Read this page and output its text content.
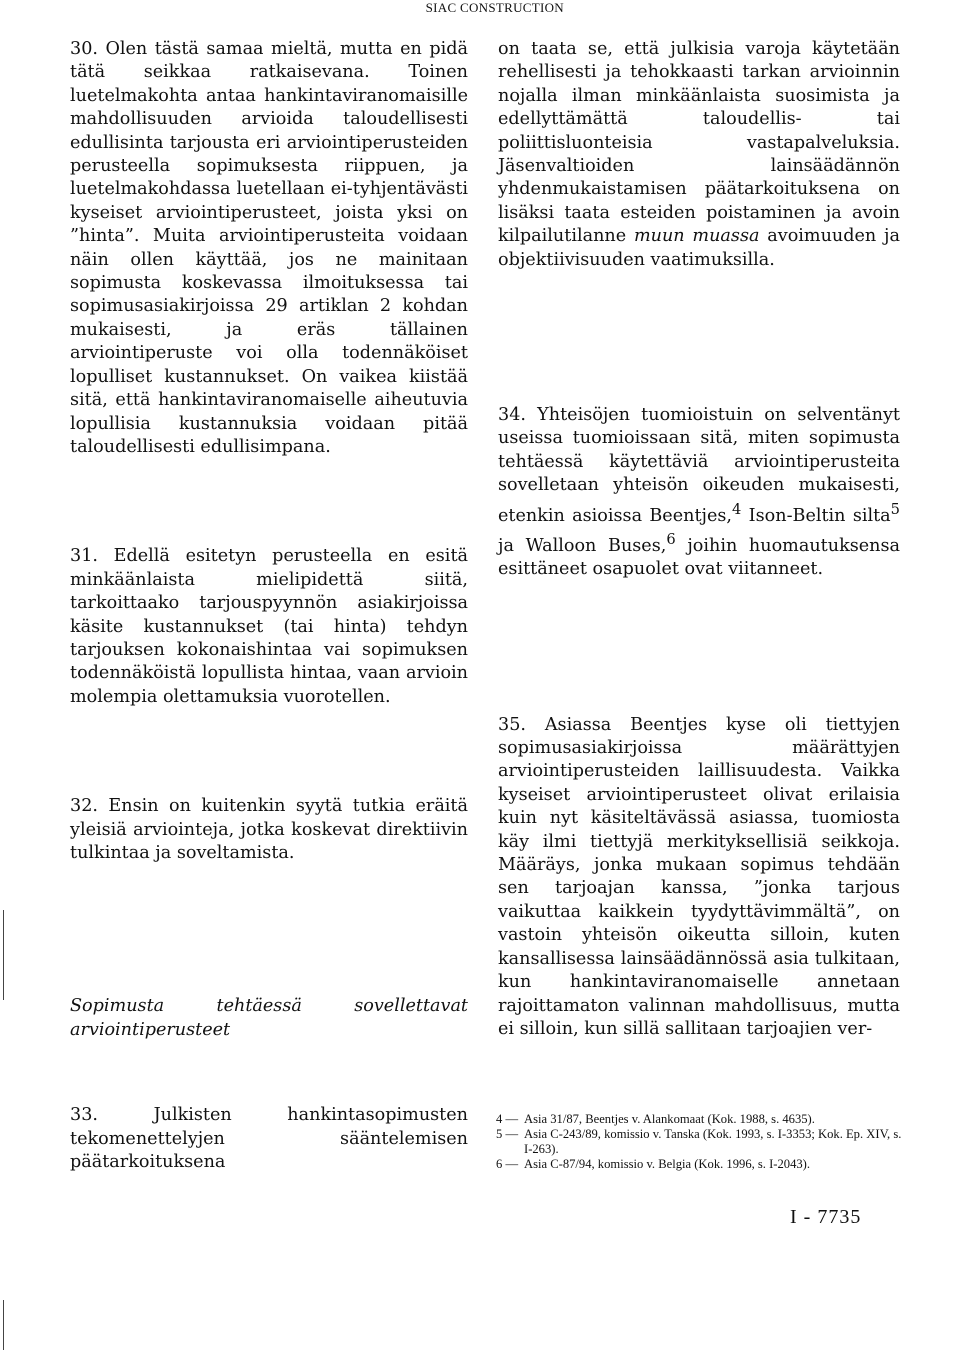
SIAC CONSTRUCTION

30. Olen tästä samaa mieltä, mutta en pidä tätä seikkaa ratkaisevana. Toinen luetelmakohta antaa hankintaviranomaisille mahdollisuuden arvioida taloudellisesti edullisinta tarjousta eri arviointiperusteiden perusteella sopimuksesta riippuen, ja luetelmakohdassa luetellaan ei-tyhjentävästi kyseiset arviointiperusteet, joista yksi on ”hinta”. Muita arviointiperusteita voidaan näin ollen käyttää, jos ne mainitaan sopimusta koskevassa ilmoituksessa tai sopimusasiakirjoissa 29 artiklan 2 kohdan mukaisesti, ja eräs tällainen arviointiperuste voi olla todennäköiset lopulliset kustannukset. On vaikea kiistää sitä, että hankintaviranomaiselle aiheutuvia lopullisia kustannuksia voidaan pitää taloudellisesti edullisimpana.

31. Edellä esitetyn perusteella en esitä minkäänlaista mielipidettä siitä, tarkoittaako tarjouspyynnön asiakirjoissa käsite kustannukset (tai hinta) tehdyn tarjouksen kokonaishintaa vai sopimuksen todennäköistä lopullista hintaa, vaan arvioin molempia olettamuksia vuorotellen.

32. Ensin on kuitenkin syytä tutkia eräitä yleisiä arviointeja, jotka koskevat direktiivin tulkintaa ja soveltamista.

Sopimusta tehtäessä sovellettavat arviointiperusteet

33. Julkisten hankintasopimusten tekomenettelyjen sääntelemisen päätarkoituksena

on taata se, että julkisia varoja käytetään rehellisesti ja tehokkaasti tarkan arvioinnin nojalla ilman minkäänlaista suosimista ja edellyttämättä taloudellis- tai poliittisluonteisia vastapalveluksia. Jäsenvaltioiden lainsäädännön yhdenmukaistamisen päätarkoituksena on lisäksi taata esteiden poistaminen ja avoin kilpailutilanne muun muassa avoimuuden ja objektiivisuuden vaatimuksilla.

34. Yhteisöjen tuomioistuin on selventänyt useissa tuomioissaan sitä, miten sopimusta tehtäessä käytettäviä arviointiperusteita sovelletaan yhteisön oikeuden mukaisesti, etenkin asioissa Beentjes,$^4$ Ison-Beltin silta$^5$ ja Walloon Buses,$^6$ joihin huomautuksensa esittäneet osapuolet ovat viitanneet.

35. Asiassa Beentjes kyse oli tiettyjen sopimusasiakirjoissa määrättyjen arviointiperusteiden laillisuudesta. Vaikka kyseiset arviointiperusteet olivat erilaisia kuin nyt käsiteltävässä asiassa, tuomiosta käy ilmi tiettyjä merkityksellisiä seikkoja. Määräys, jonka mukaan sopimus tehdään sen tarjoajan kanssa, ”jonka tarjous vaikuttaa kaikkein tyydyttävimmältä”, on vastoin yhteisön oikeutta silloin, kuten kansallisessa lainsäädännössä asia tulkitaan, kun hankintaviranomaiselle annetaan rajoittamaton valinnan mahdollisuus, mutta ei silloin, kun sillä sallitaan tarjoajien ver-

4 — Asia 31/87, Beentjes v. Alankomaat (Kok. 1988, s. 4635).
5 — Asia C-243/89, komissio v. Tanska (Kok. 1993, s. I-3353; Kok. Ep. XIV, s. I-263).
6 — Asia C-87/94, komissio v. Belgia (Kok. 1996, s. I-2043).
I - 7735
